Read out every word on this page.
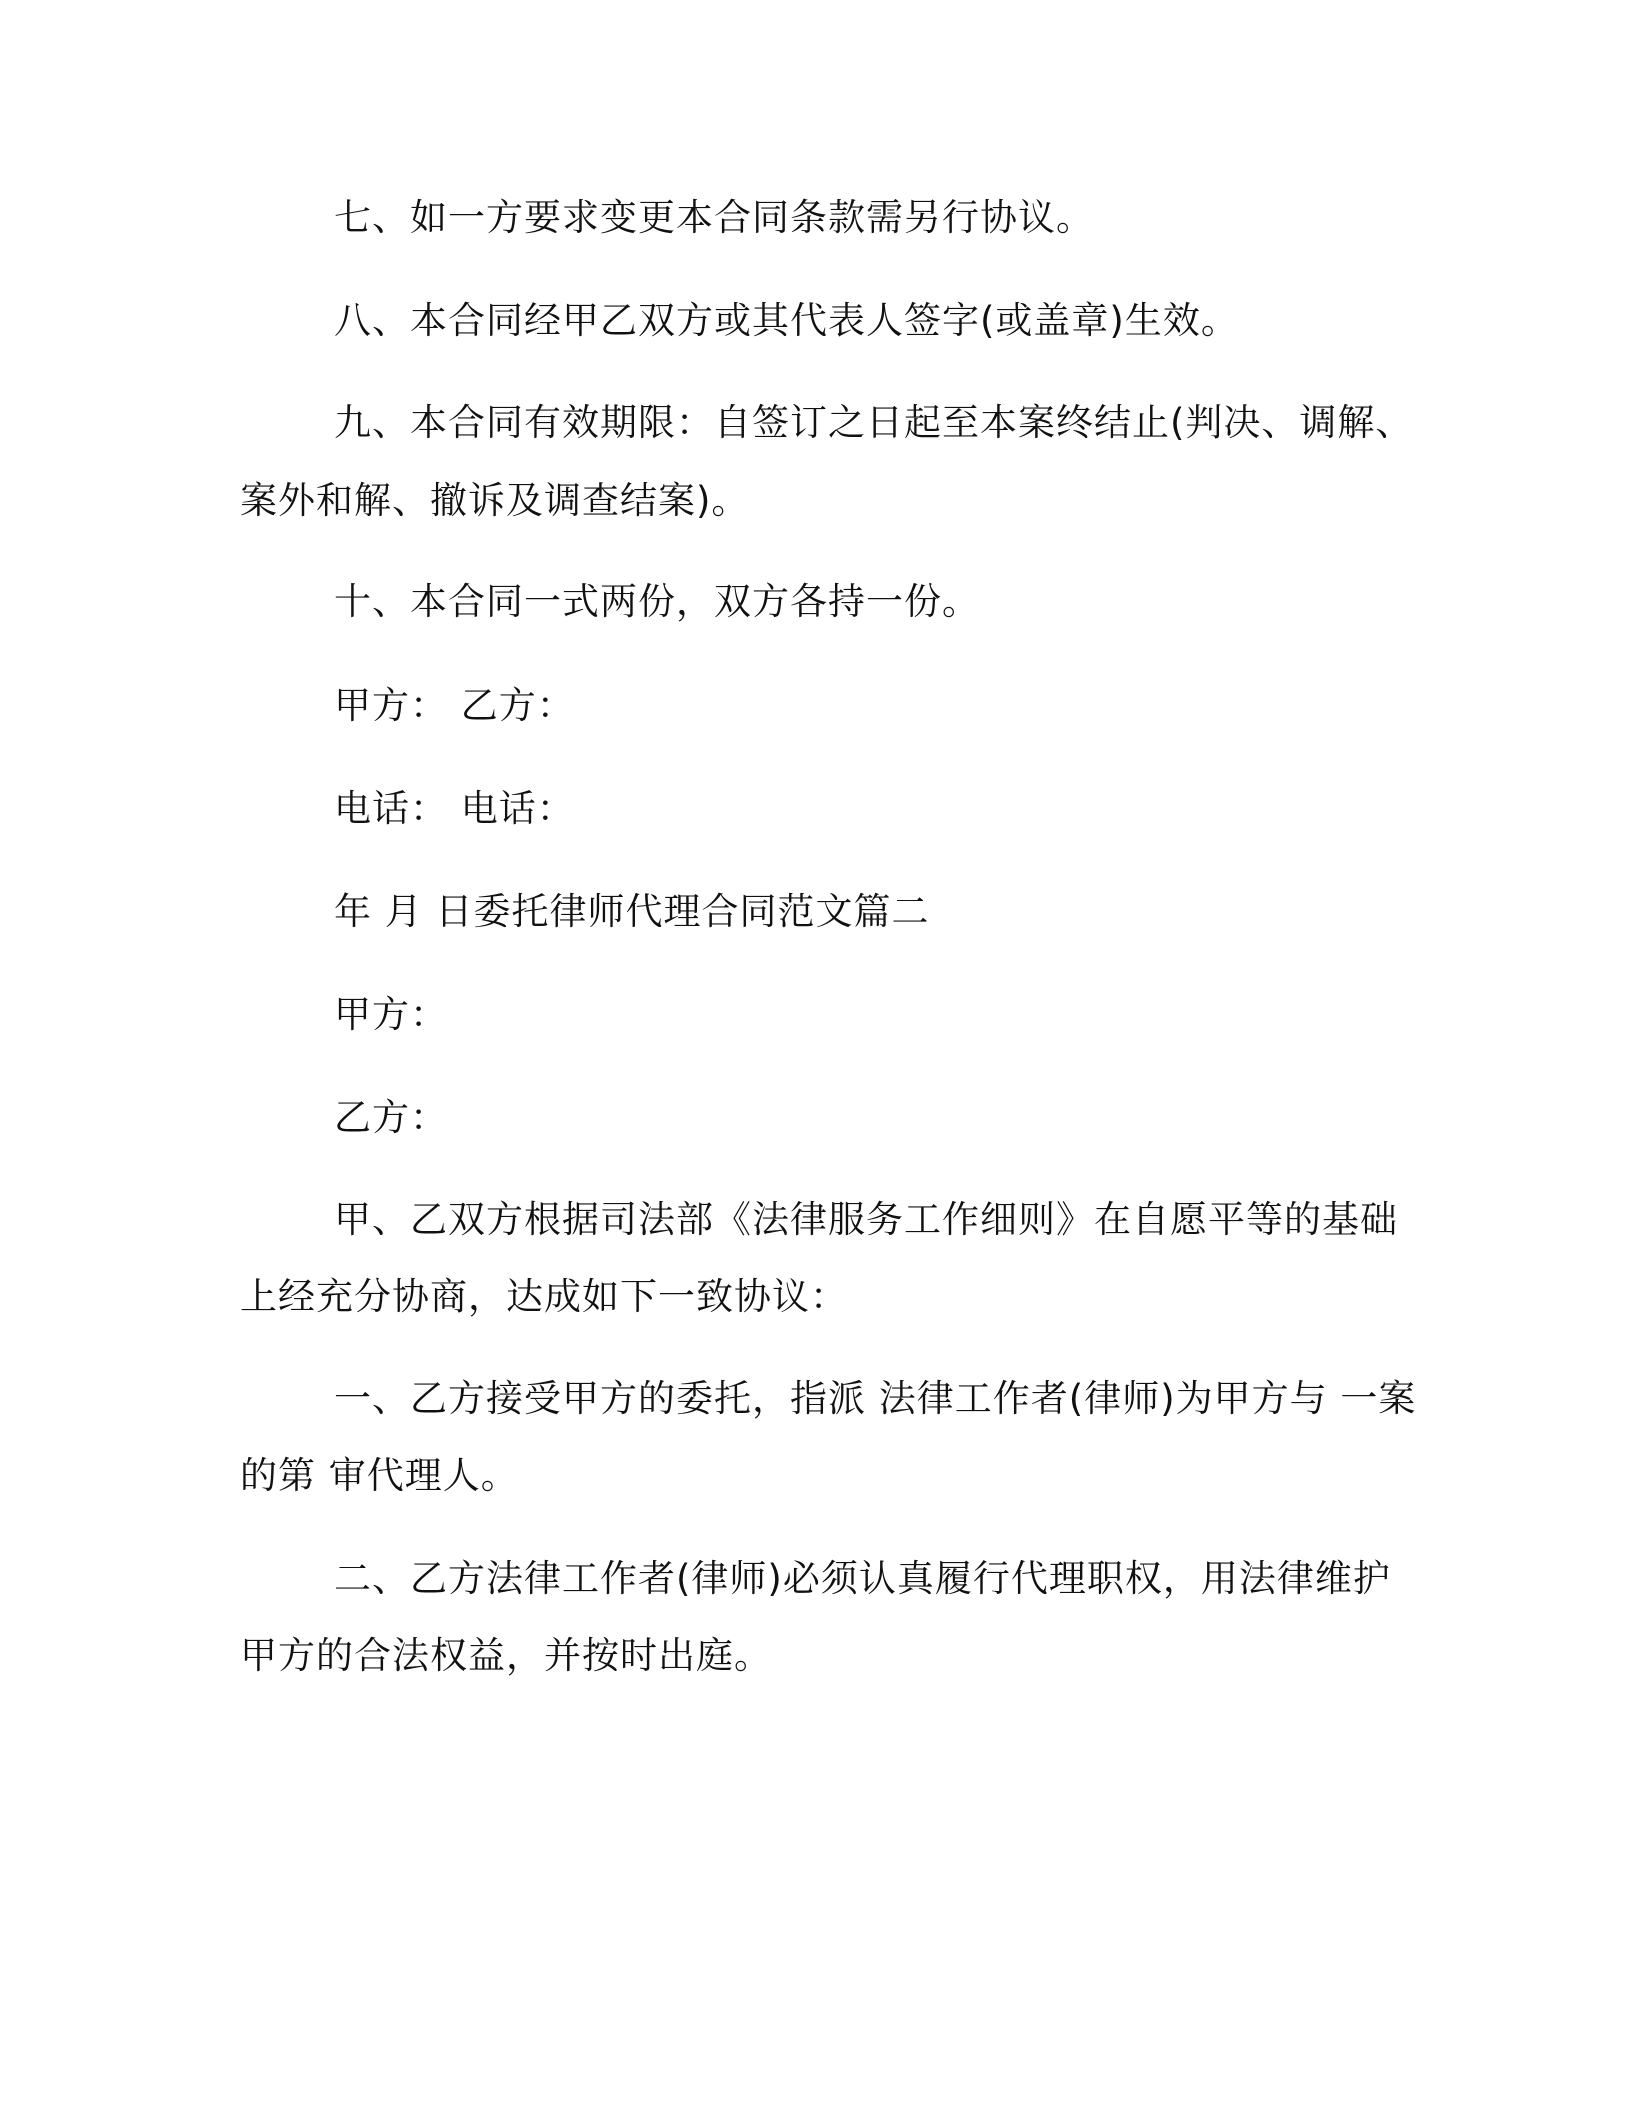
七、如一方要求变更本合同条款需另行协议。
八、本合同经甲乙双方或其代表人签字(或盖章)生效。
九、本合同有效期限：自签订之日起至本案终结止(判决、调解、
案外和解、撤诉及调查结案)。
十、本合同一式两份，双方各持一份。
甲方： 乙方：
电话： 电话：
年 月 日委托律师代理合同范文篇二
甲方：
乙方：
甲、乙双方根据司法部《法律服务工作细则》在自愿平等的基础
上经充分协商，达成如下一致协议：
一、乙方接受甲方的委托，指派 法律工作者(律师)为甲方与 一案
的第 审代理人。
二、乙方法律工作者(律师)必须认真履行代理职权，用法律维护
甲方的合法权益，并按时出庭。
